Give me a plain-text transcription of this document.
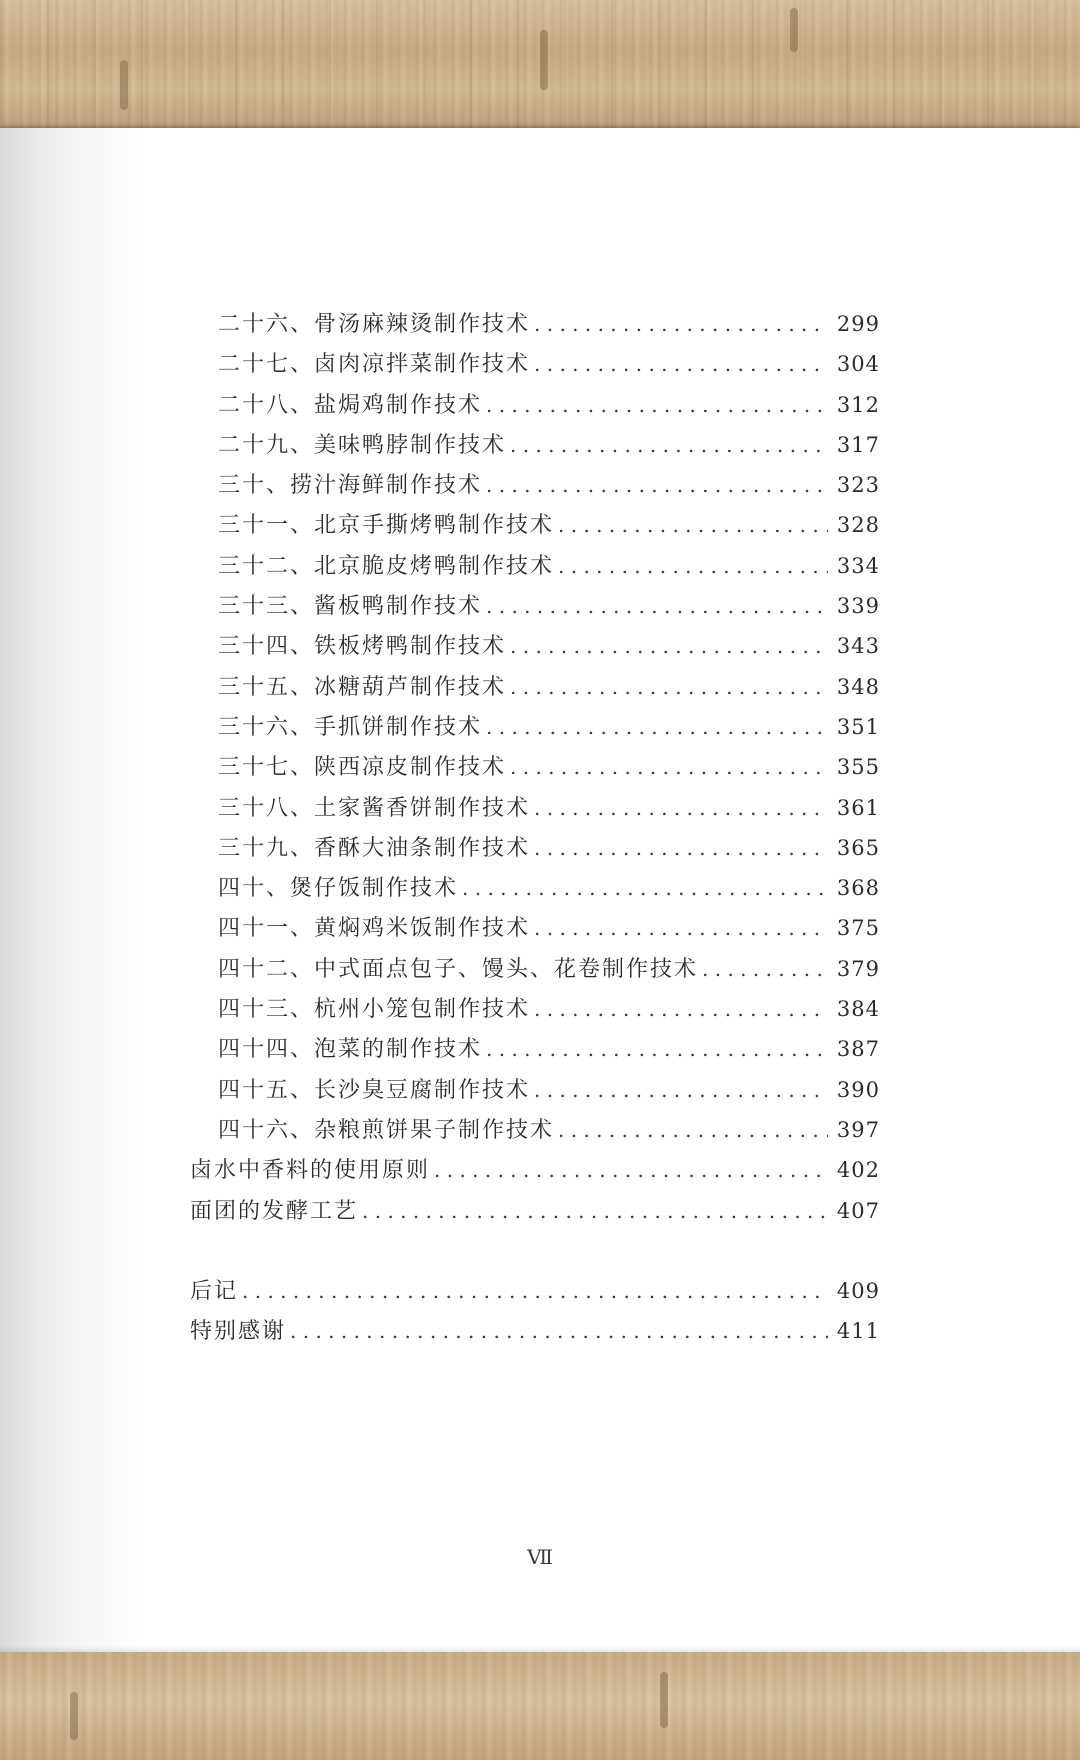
二十六、骨汤麻辣烫制作技术 . . .	299
二十七、卤肉凉拌菜制作技术 . . .	304
二十八、盐焗鸡制作技术 . . .	312
二十九、美味鸭脖制作技术 . . .	317
三十、捞汁海鲜制作技术 . . .	323
三十一、北京手撕烤鸭制作技术 . . .	328
三十二、北京脆皮烤鸭制作技术 . . .	334
三十三、酱板鸭制作技术 . . .	339
三十四、铁板烤鸭制作技术 . . .	343
三十五、冰糖葫芦制作技术 . . .	348
三十六、手抓饼制作技术 . . .	351
三十七、陕西凉皮制作技术 . . .	355
三十八、土家酱香饼制作技术 . . .	361
三十九、香酥大油条制作技术 . . .	365
四十、煲仔饭制作技术 . . .	368
四十一、黄焖鸡米饭制作技术 . . .	375
四十二、中式面点包子、馒头、花卷制作技术 . . .	379
四十三、杭州小笼包制作技术 . . .	384
四十四、泡菜的制作技术 . . .	387
四十五、长沙臭豆腐制作技术 . . .	390
四十六、杂粮煎饼果子制作技术 . . .	397
卤水中香料的使用原则 . . .	402
面团的发酵工艺 . . .	407
后记 . . .	409
特别感谢 . . .	411
Ⅶ
